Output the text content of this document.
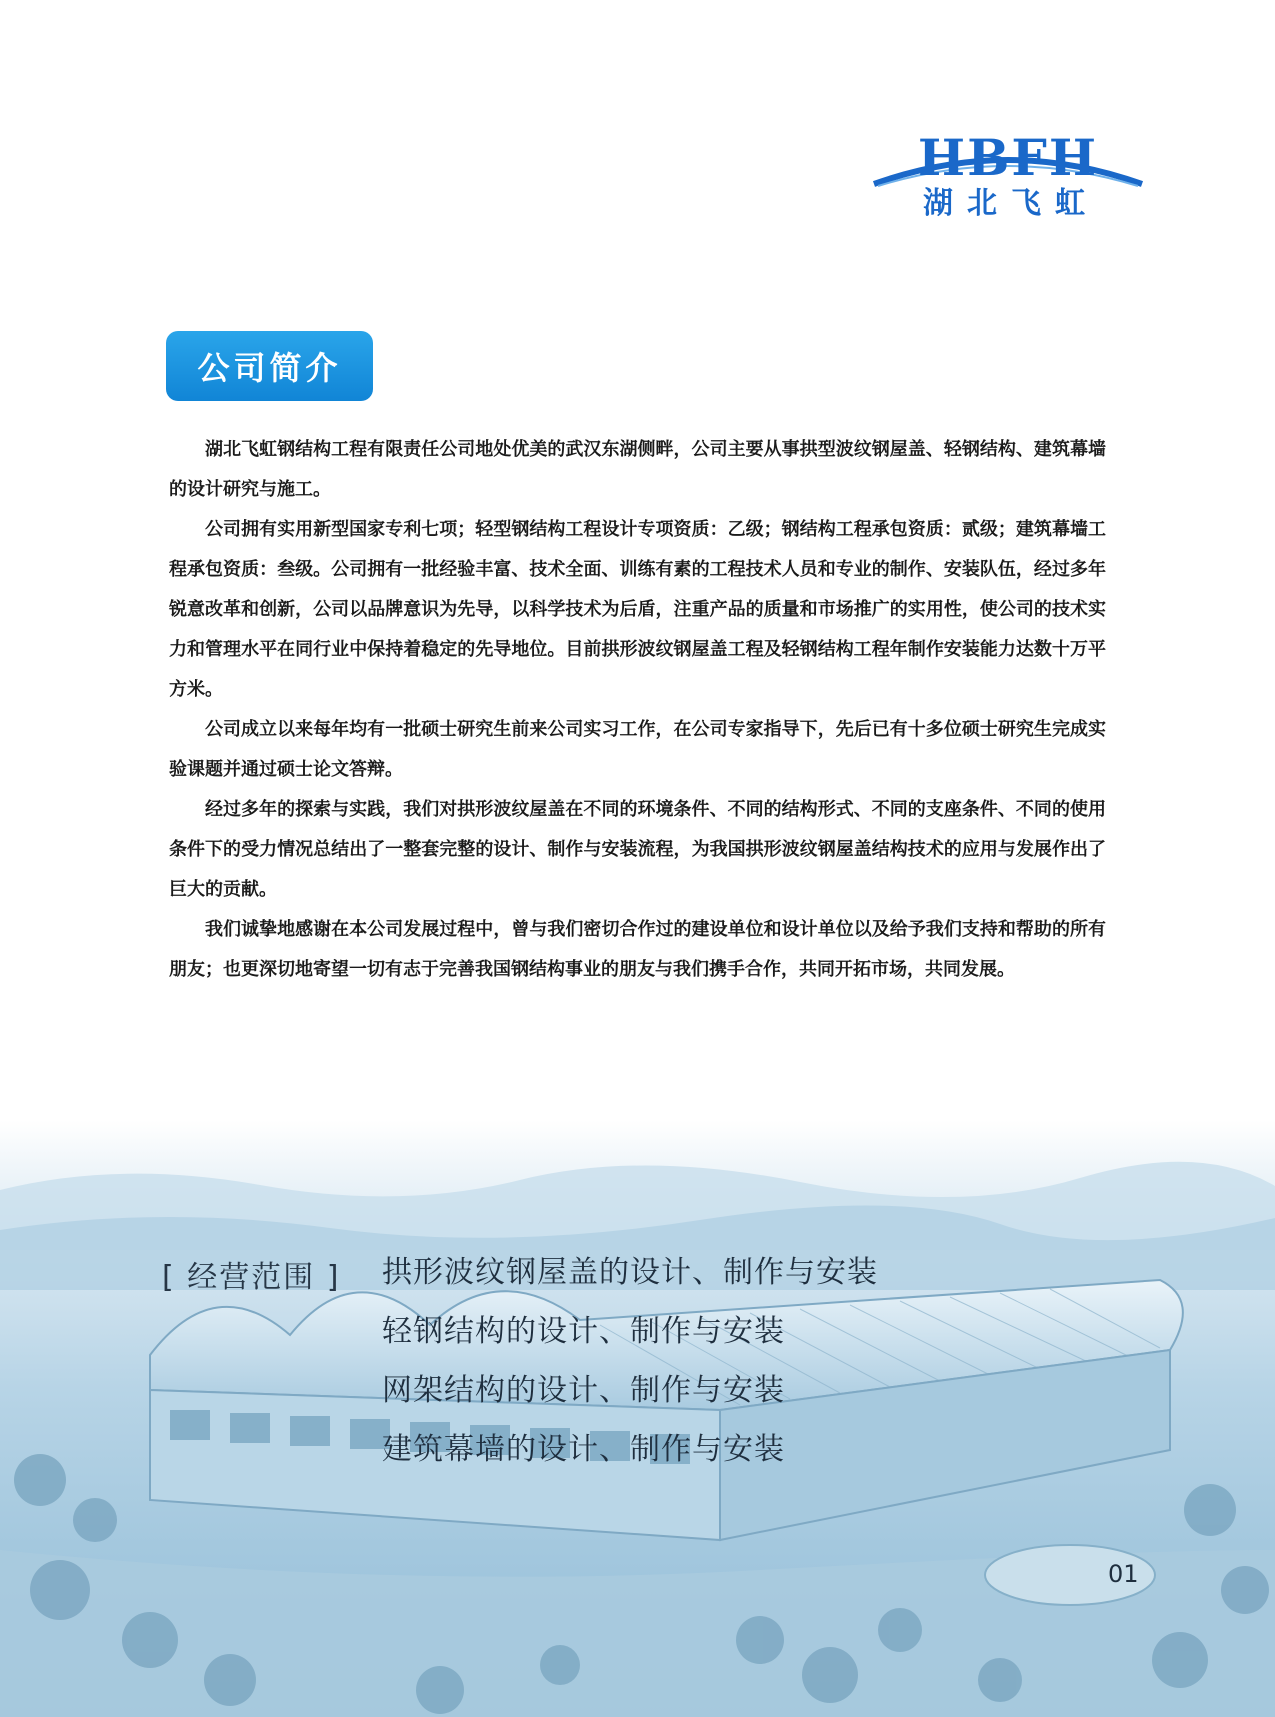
HBFH
湖北飞虹
公司简介

湖北飞虹钢结构工程有限责任公司地处优美的武汉东湖侧畔，公司主要从事拱型波纹钢屋盖、轻钢结构、建筑幕墙的设计研究与施工。

公司拥有实用新型国家专利七项；轻型钢结构工程设计专项资质：乙级；钢结构工程承包资质：贰级；建筑幕墙工程承包资质：叁级。公司拥有一批经验丰富、技术全面、训练有素的工程技术人员和专业的制作、安装队伍，经过多年锐意改革和创新，公司以品牌意识为先导，以科学技术为后盾，注重产品的质量和市场推广的实用性，使公司的技术实力和管理水平在同行业中保持着稳定的先导地位。目前拱形波纹钢屋盖工程及轻钢结构工程年制作安装能力达数十万平方米。

公司成立以来每年均有一批硕士研究生前来公司实习工作，在公司专家指导下，先后已有十多位硕士研究生完成实验课题并通过硕士论文答辩。

经过多年的探索与实践，我们对拱形波纹屋盖在不同的环境条件、不同的结构形式、不同的支座条件、不同的使用条件下的受力情况总结出了一整套完整的设计、制作与安装流程，为我国拱形波纹钢屋盖结构技术的应用与发展作出了巨大的贡献。

我们诚挚地感谢在本公司发展过程中，曾与我们密切合作过的建设单位和设计单位以及给予我们支持和帮助的所有朋友；也更深切地寄望一切有志于完善我国钢结构事业的朋友与我们携手合作，共同开拓市场，共同发展。

[ 经营范围 ] 拱形波纹钢屋盖的设计、制作与安装
轻钢结构的设计、制作与安装
网架结构的设计、制作与安装
建筑幕墙的设计、制作与安装
01
